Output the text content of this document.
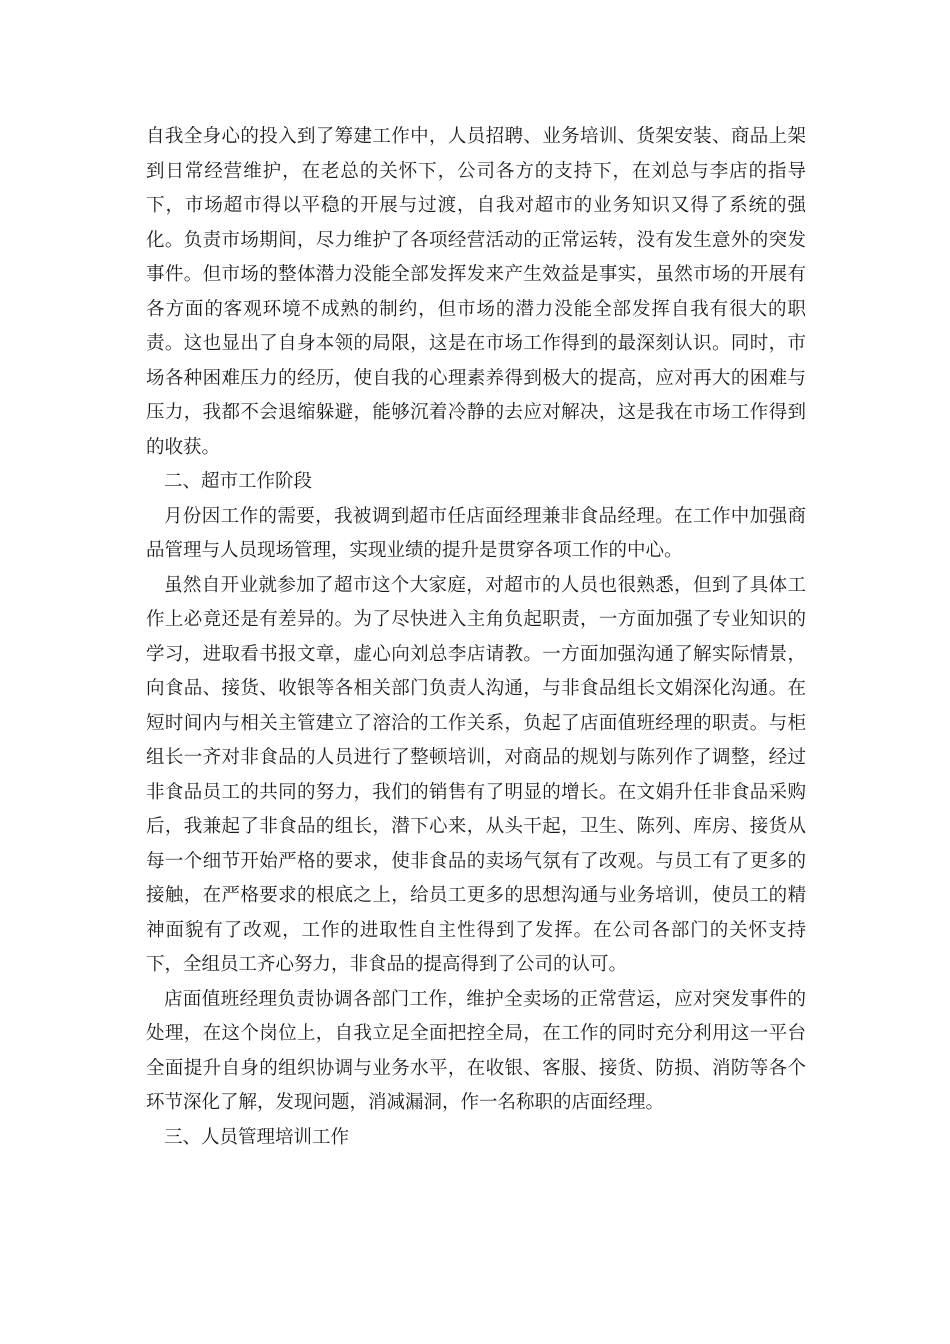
自我全身心的投入到了筹建工作中，人员招聘、业务培训、货架安装、商品上架到日常经营维护，在老总的关怀下，公司各方的支持下，在刘总与李店的指导下，市场超市得以平稳的开展与过渡，自我对超市的业务知识又得了系统的强化。负责市场期间，尽力维护了各项经营活动的正常运转，没有发生意外的突发事件。但市场的整体潜力没能全部发挥发来产生效益是事实，虽然市场的开展有各方面的客观环境不成熟的制约，但市场的潜力没能全部发挥自我有很大的职责。这也显出了自身本领的局限，这是在市场工作得到的最深刻认识。同时，市场各种困难压力的经历，使自我的心理素养得到极大的提高，应对再大的困难与压力，我都不会退缩躲避，能够沉着冷静的去应对解决，这是我在市场工作得到的收获。

二、超市工作阶段

月份因工作的需要，我被调到超市任店面经理兼非食品经理。在工作中加强商品管理与人员现场管理，实现业绩的提升是贯穿各项工作的中心。

虽然自开业就参加了超市这个大家庭，对超市的人员也很熟悉，但到了具体工作上必竟还是有差异的。为了尽快进入主角负起职责，一方面加强了专业知识的学习，进取看书报文章，虚心向刘总李店请教。一方面加强沟通了解实际情景，向食品、接货、收银等各相关部门负责人沟通，与非食品组长文娟深化沟通。在短时间内与相关主管建立了溶洽的工作关系，负起了店面值班经理的职责。与柜组长一齐对非食品的人员进行了整顿培训，对商品的规划与陈列作了调整，经过非食品员工的共同的努力，我们的销售有了明显的增长。在文娟升任非食品采购后，我兼起了非食品的组长，潜下心来，从头干起，卫生、陈列、库房、接货从每一个细节开始严格的要求，使非食品的卖场气氛有了改观。与员工有了更多的接触，在严格要求的根底之上，给员工更多的思想沟通与业务培训，使员工的精神面貌有了改观，工作的进取性自主性得到了发挥。在公司各部门的关怀支持下，全组员工齐心努力，非食品的提高得到了公司的认可。

店面值班经理负责协调各部门工作，维护全卖场的正常营运，应对突发事件的处理，在这个岗位上，自我立足全面把控全局，在工作的同时充分利用这一平台全面提升自身的组织协调与业务水平，在收银、客服、接货、防损、消防等各个环节深化了解，发现问题，消减漏洞，作一名称职的店面经理。

三、人员管理培训工作
